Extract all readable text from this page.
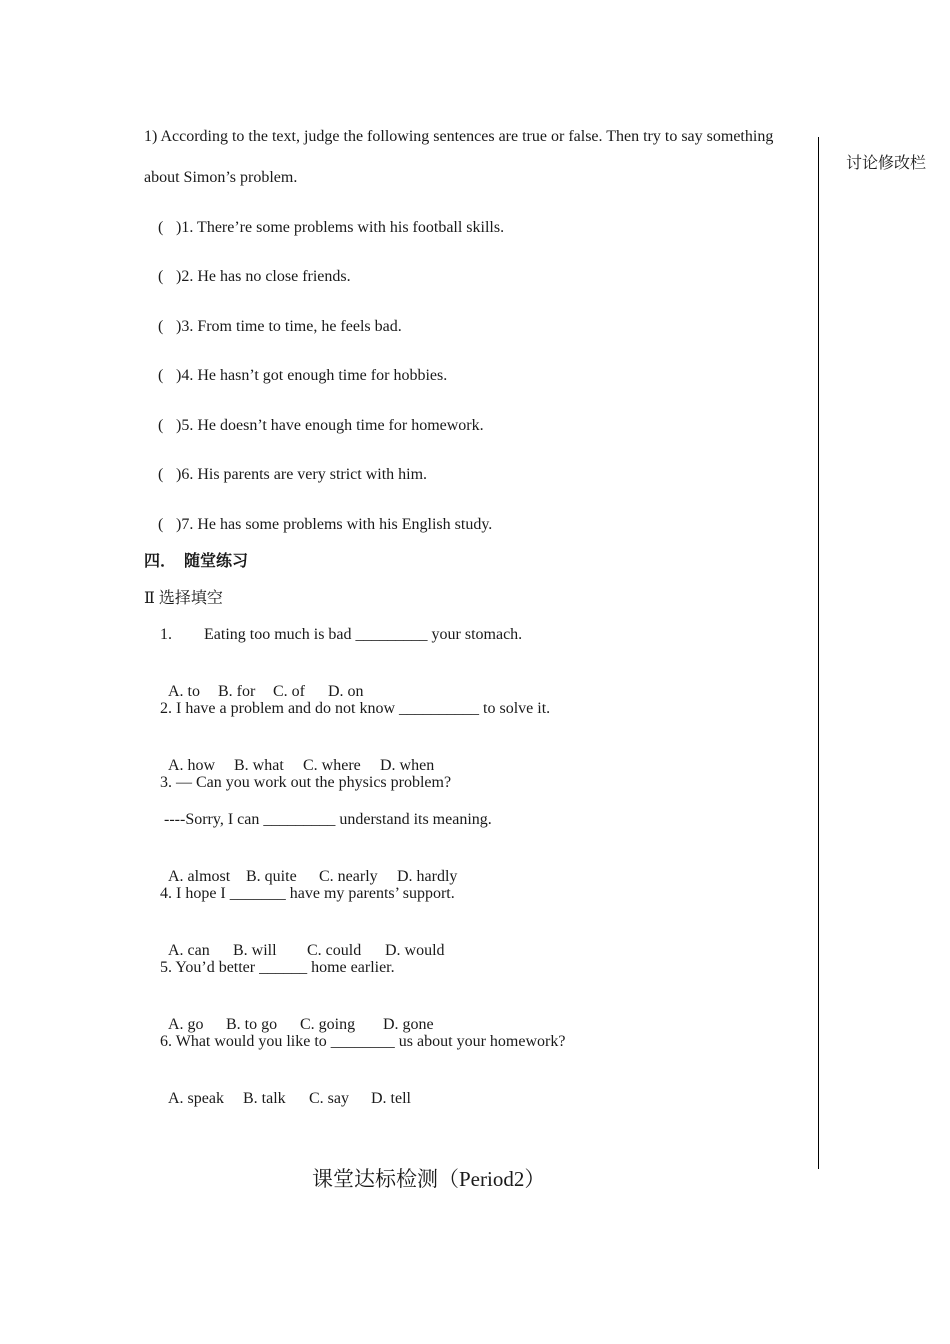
讨论修改栏
1) According to the text, judge the following sentences are true or false. Then try to say something
about Simon’s problem.
( )1. There’re some problems with his football skills.
( )2. He has no close friends.
( )3. From time to time, he feels bad.
( )4. He hasn’t got enough time for hobbies.
( )5. He doesn’t have enough time for homework.
( )6. His parents are very strict with him.
( )7. He has some problems with his English study.
四．  随堂练习
Ⅱ 选择填空
1.        Eating too much is bad _________ your stomach.

A. to B. for C. of D. on

2. I have a problem and do not know __________ to solve it.

A. how B. what C. where D. when

3. — Can you work out the physics problem?
----Sorry, I can _________ understand its meaning.

A. almost B. quite C. nearly D. hardly

4. I hope I _______ have my parents’ support.

A. can B. will C. could D. would

5. You’d better ______ home earlier.

A. go B. to go C. going D. gone

6. What would you like to ________ us about your homework?

A. speak B. talk C. say D. tell

课堂达标检测（Period2）
